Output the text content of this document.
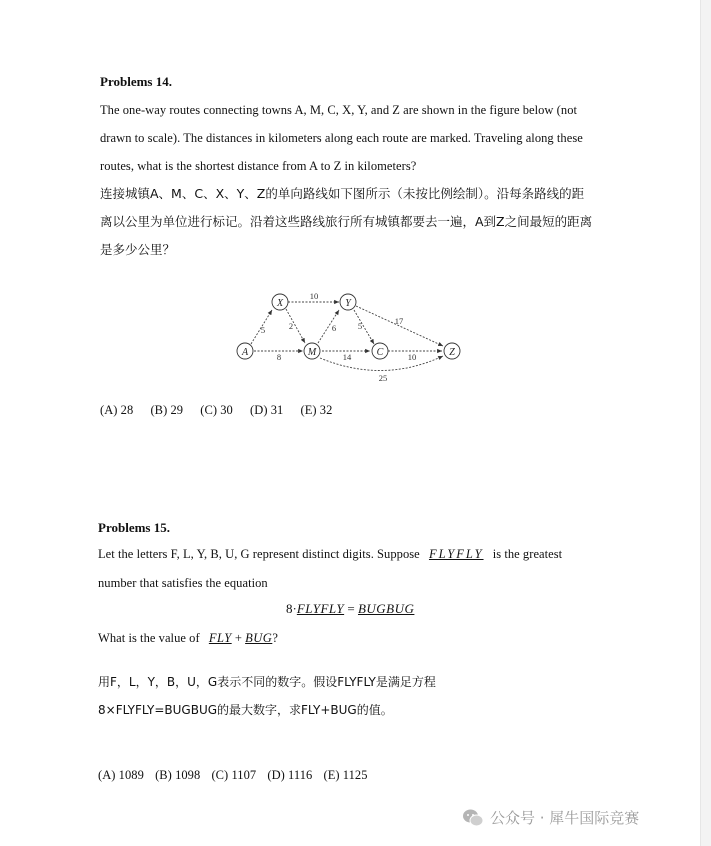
Problems 14.
The one-way routes connecting towns A, M, C, X, Y, and Z are shown in the figure below (not
drawn to scale). The distances in kilometers along each route are marked. Traveling along these
routes, what is the shortest distance from A to Z in kilometers?
连接城镇A、M、C、X、Y、Z的单向路线如下图所示（未按比例绘制）。沿每条路线的距
离以公里为单位进行标记。沿着这些路线旅行所有城镇都要去一遍，A到Z之间最短的距离
是多少公里？
A
X
M
Y
C	Z
5
8
10
2	6	5	17
14	10
25
(A) 28 (B) 29 (C) 30 (D) 31 (E) 32
Problems 15.
Let the letters F, L, Y, B, U, G represent distinct digits. Suppose FLYFLY is the greatest
number that satisfies the equation
8·FLYFLY = BUGBUG
What is the value of FLY + BUG?
用F，L，Y，B，U，G表示不同的数字。假设FLYFLY是满足方程
8×FLYFLY=BUGBUG的最大数字，求FLY+BUG的值。
(A) 1089 (B) 1098 (C) 1107 (D) 1116 (E) 1125
公众号 · 犀牛国际竞赛
